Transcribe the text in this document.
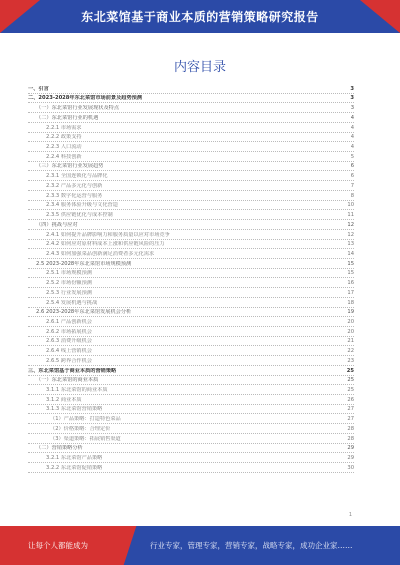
东北菜馆基于商业本质的营销策略研究报告
内容目录
一、引言	3
二、2023-2028年东北菜馆市场前景及趋势预测	3
（一）东北菜馆行业发展现状及特点	3
（二）东北菜馆行业的机遇	4
2.2.1 市场需求	4
2.2.2 政策支持	4
2.2.3 人口流动	4
2.2.4 科技创新	5
（三）东北菜馆行业发展趋势	6
2.3.1 全国连锁化与品牌化	6
2.3.2 产品多元化与创新	7
2.3.3 数字化运营与服务	8
2.3.4 服务体验升级与文化营造	10
2.3.5 供应链优化与成本控制	11
（四）挑战与应对	12
2.4.1 如何提升品牌影响力和服务质量以应对市场竞争	12
2.4.2 如何应对原材料成本上涨和供应链风险的压力	13
2.4.3 如何加强菜品创新满足消费者多元化需求	14
2.5 2023-2028年东北菜馆市场规模预测	15
2.5.1 市场规模预测	15
2.5.2 市场份额预测	16
2.5.3 行业发展预测	17
2.5.4 发展机遇与挑战	18
2.6 2023-2028年东北菜馆发展机会分析	19
2.6.1 产品创新机会	20
2.6.2 市场拓展机会	20
2.6.3 消费升级机会	21
2.6.4 线上营销机会	22
2.6.5 跨界合作机会	23
三、东北菜馆基于商业本质的营销策略	25
（一）东北菜馆的商业本质	25
3.1.1 东北菜馆的商业本质	25
3.1.2 商业本质	26
3.1.3 东北菜馆营销策略	27
（1）产品策略：打造特色菜品	27
（2）价格策略：合理定价	28
（3）渠道策略：拓展销售渠道	28
（二）营销策略分析	29
3.2.1 东北菜馆产品策略	29
3.2.2 东北菜馆促销策略	30
1
让每个人都能成为	行业专家，管理专家，营销专家，战略专家，成功企业家……
